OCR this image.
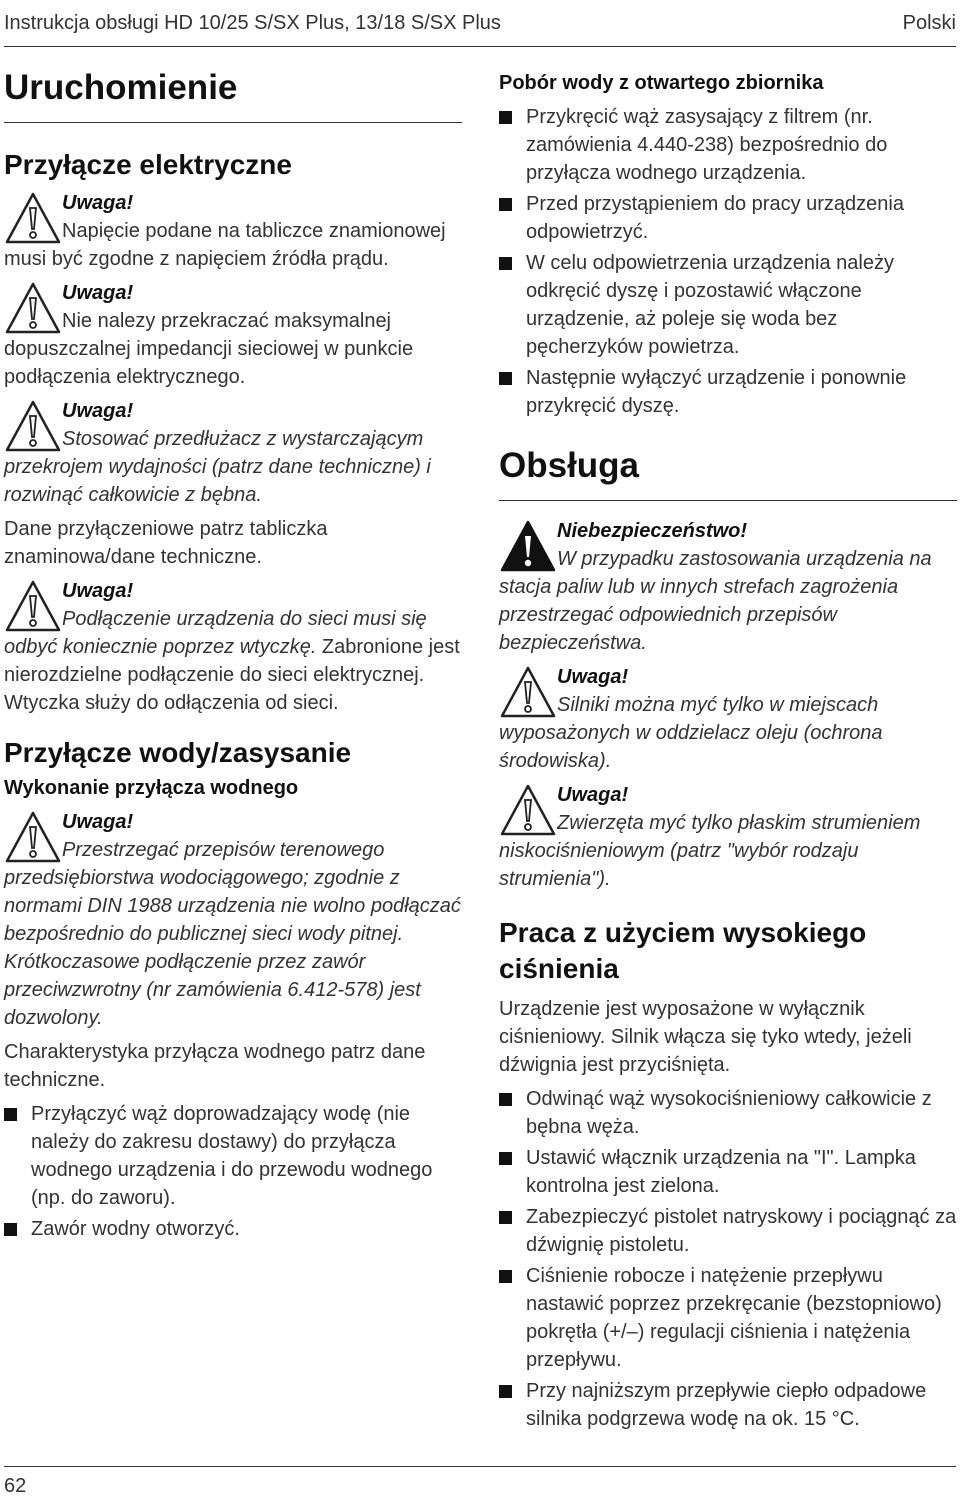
Instrukcja obsługi HD 10/25 S/SX Plus, 13/18 S/SX Plus	Polski
Uruchomienie
Przyłącze elektryczne
Uwaga!
Napięcie podane na tabliczce znamionowej musi być zgodne z napięciem źródła prądu.
Uwaga!
Nie nalezy przekraczać maksymalnej dopuszczalnej impedancji sieciowej w punkcie podłączenia elektrycznego.
Uwaga!
Stosować przedłużacz z wystarczającym przekrojem wydajności (patrz dane techniczne) i rozwinąć całkowicie z bębna.
Dane przyłączeniowe patrz tabliczka znaminowa/dane techniczne.
Uwaga!
Podłączenie urządzenia do sieci musi się odbyć koniecznie poprzez wtyczkę. Zabronione jest nierozdzielne podłączenie do sieci elektrycznej. Wtyczka służy do odłączenia od sieci.
Przyłącze wody/zasysanie
Wykonanie przyłącza wodnego
Uwaga!
Przestrzegać przepisów terenowego przedsiębiorstwa wodociągowego; zgodnie z normami DIN 1988 urządzenia nie wolno podłączać bezpośrednio do publicznej sieci wody pitnej. Krótkoczasowe podłączenie przez zawór przeciwzwrotny (nr zamówienia 6.412-578) jest dozwolony.
Charakterystyka przyłącza wodnego patrz dane techniczne.
Przyłączyć wąż doprowadzający wodę (nie należy do zakresu dostawy) do przyłącza wodnego urządzenia i do przewodu wodnego (np. do zaworu).
Zawór wodny otworzyć.
Pobór wody z otwartego zbiornika
Przykręcić wąż zasysający z filtrem (nr. zamówienia 4.440-238) bezpośrednio do przyłącza wodnego urządzenia.
Przed przystąpieniem do pracy urządzenia odpowietrzyć.
W celu odpowietrzenia urządzenia należy odkręcić dyszę i pozostawić włączone urządzenie, aż poleje się woda bez pęcherzyków powietrza.
Następnie wyłączyć urządzenie i ponownie przykręcić dyszę.
Obsługa
Niebezpieczeństwo!
W przypadku zastosowania urządzenia na stacja paliw lub w innych strefach zagrożenia przestrzegać odpowiednich przepisów bezpieczeństwa.
Uwaga!
Silniki można myć tylko w miejscach wyposażonych w oddzielacz oleju (ochrona środowiska).
Uwaga!
Zwierzęta myć tylko płaskim strumieniem niskociśnieniowym (patrz "wybór rodzaju strumienia").
Praca z użyciem wysokiego ciśnienia
Urządzenie jest wyposażone w wyłącznik ciśnieniowy. Silnik włącza się tyko wtedy, jeżeli dźwignia jest przyciśnięta.
Odwinąć wąż wysokociśnieniowy całkowicie z bębna węża.
Ustawić włącznik urządzenia na "I". Lampka kontrolna jest zielona.
Zabezpieczyć pistolet natryskowy i pociągnąć za dźwignię pistoletu.
Ciśnienie robocze i natężenie przepływu nastawić poprzez przekręcanie (bezstopniowo) pokrętła (+/–) regulacji ciśnienia i natężenia przepływu.
Przy najniższym przepływie ciepło odpadowe silnika podgrzewa wodę na ok. 15 °C.
62
